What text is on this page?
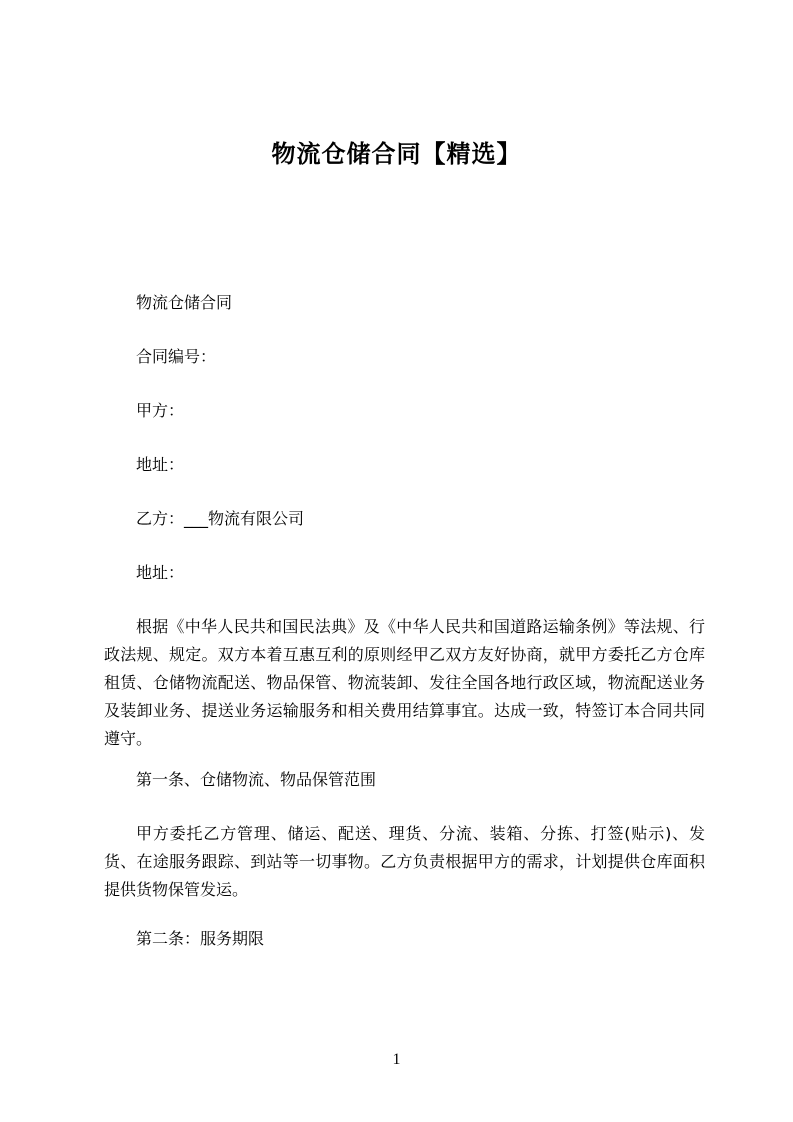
物流仓储合同【精选】

物流仓储合同

合同编号：

甲方：

地址：

乙方：___物流有限公司

地址：

根据《中华人民共和国民法典》及《中华人民共和国道路运输条例》等法规、行政法规、规定。双方本着互惠互利的原则经甲乙双方友好协商，就甲方委托乙方仓库租赁、仓储物流配送、物品保管、物流装卸、发往全国各地行政区域，物流配送业务及装卸业务、提送业务运输服务和相关费用结算事宜。达成一致，特签订本合同共同遵守。

第一条、仓储物流、物品保管范围

甲方委托乙方管理、储运、配送、理货、分流、装箱、分拣、打签(贴示)、发货、在途服务跟踪、到站等一切事物。乙方负责根据甲方的需求，计划提供仓库面积提供货物保管发运。

第二条：服务期限

1
